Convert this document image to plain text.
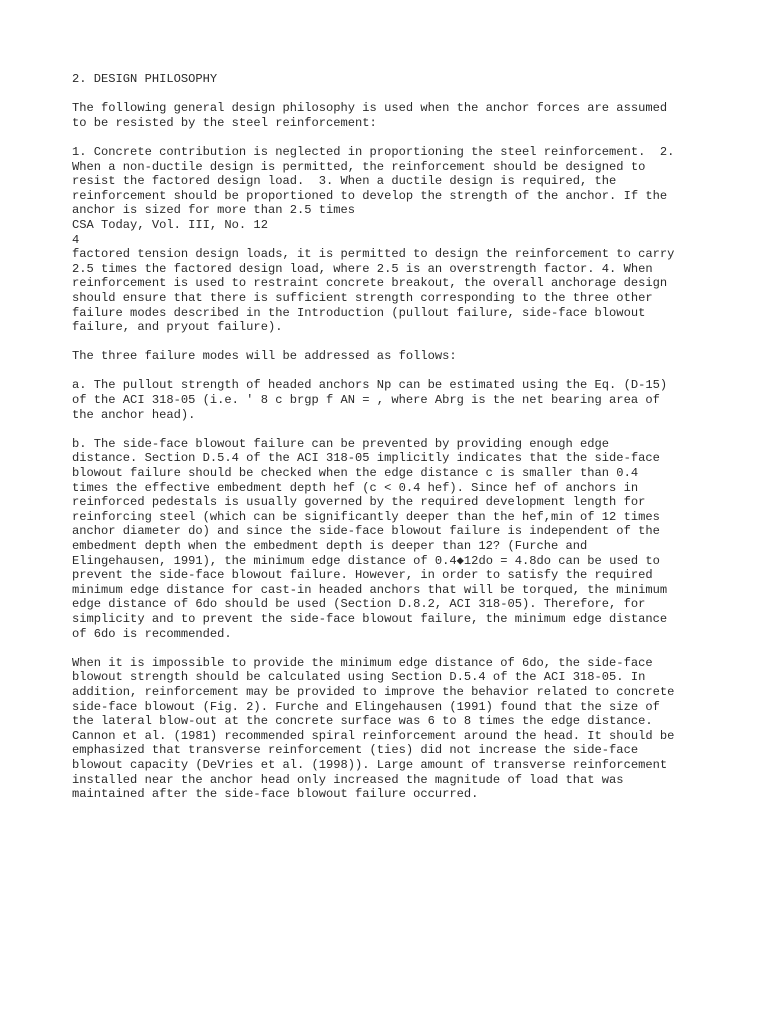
2. DESIGN PHILOSOPHY
The following general design philosophy is used when the anchor forces are assumed
to be resisted by the steel reinforcement:
1. Concrete contribution is neglected in proportioning the steel reinforcement.  2.
When a non-ductile design is permitted, the reinforcement should be designed to
resist the factored design load.  3. When a ductile design is required, the
reinforcement should be proportioned to develop the strength of the anchor. If the
anchor is sized for more than 2.5 times
CSA Today, Vol. III, No. 12
4
factored tension design loads, it is permitted to design the reinforcement to carry
2.5 times the factored design load, where 2.5 is an overstrength factor. 4. When
reinforcement is used to restraint concrete breakout, the overall anchorage design
should ensure that there is sufficient strength corresponding to the three other
failure modes described in the Introduction (pullout failure, side-face blowout
failure, and pryout failure).
The three failure modes will be addressed as follows:
a. The pullout strength of headed anchors Np can be estimated using the Eq. (D-15)
of the ACI 318-05 (i.e. ' 8 c brgp f AN = , where Abrg is the net bearing area of
the anchor head).
b. The side-face blowout failure can be prevented by providing enough edge
distance. Section D.5.4 of the ACI 318-05 implicitly indicates that the side-face
blowout failure should be checked when the edge distance c is smaller than 0.4
times the effective embedment depth hef (c < 0.4 hef). Since hef of anchors in
reinforced pedestals is usually governed by the required development length for
reinforcing steel (which can be significantly deeper than the hef,min of 12 times
anchor diameter do) and since the side-face blowout failure is independent of the
embedment depth when the embedment depth is deeper than 12? (Furche and
Elingehausen, 1991), the minimum edge distance of 0.4◆12do = 4.8do can be used to
prevent the side-face blowout failure. However, in order to satisfy the required
minimum edge distance for cast-in headed anchors that will be torqued, the minimum
edge distance of 6do should be used (Section D.8.2, ACI 318-05). Therefore, for
simplicity and to prevent the side-face blowout failure, the minimum edge distance
of 6do is recommended.
When it is impossible to provide the minimum edge distance of 6do, the side-face
blowout strength should be calculated using Section D.5.4 of the ACI 318-05. In
addition, reinforcement may be provided to improve the behavior related to concrete
side-face blowout (Fig. 2). Furche and Elingehausen (1991) found that the size of
the lateral blow-out at the concrete surface was 6 to 8 times the edge distance.
Cannon et al. (1981) recommended spiral reinforcement around the head. It should be
emphasized that transverse reinforcement (ties) did not increase the side-face
blowout capacity (DeVries et al. (1998)). Large amount of transverse reinforcement
installed near the anchor head only increased the magnitude of load that was
maintained after the side-face blowout failure occurred.
